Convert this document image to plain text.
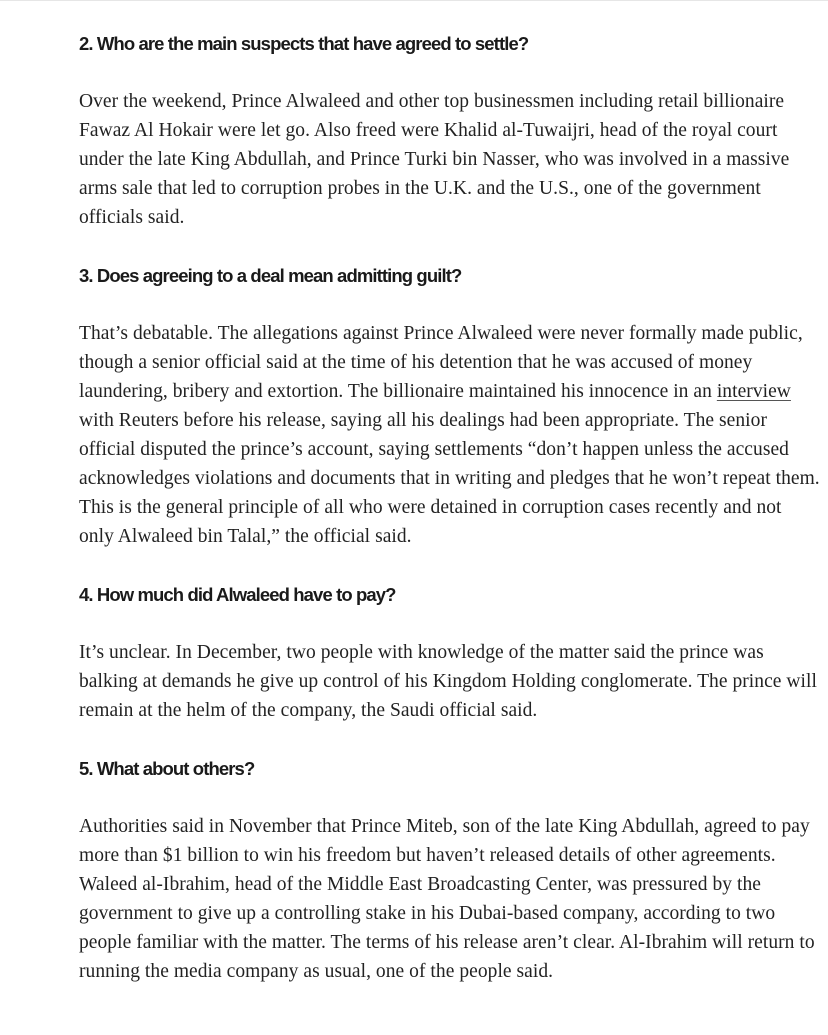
2. Who are the main suspects that have agreed to settle?

Over the weekend, Prince Alwaleed and other top businessmen including retail billionaire Fawaz Al Hokair were let go. Also freed were Khalid al-Tuwaijri, head of the royal court under the late King Abdullah, and Prince Turki bin Nasser, who was involved in a massive arms sale that led to corruption probes in the U.K. and the U.S., one of the government officials said.

3. Does agreeing to a deal mean admitting guilt?

That’s debatable. The allegations against Prince Alwaleed were never formally made public, though a senior official said at the time of his detention that he was accused of money laundering, bribery and extortion. The billionaire maintained his innocence in an interview with Reuters before his release, saying all his dealings had been appropriate. The senior official disputed the prince’s account, saying settlements “don’t happen unless the accused acknowledges violations and documents that in writing and pledges that he won’t repeat them. This is the general principle of all who were detained in corruption cases recently and not only Alwaleed bin Talal,” the official said.

4. How much did Alwaleed have to pay?

It’s unclear. In December, two people with knowledge of the matter said the prince was balking at demands he give up control of his Kingdom Holding conglomerate. The prince will remain at the helm of the company, the Saudi official said.

5. What about others?

Authorities said in November that Prince Miteb, son of the late King Abdullah, agreed to pay more than $1 billion to win his freedom but haven’t released details of other agreements. Waleed al-Ibrahim, head of the Middle East Broadcasting Center, was pressured by the government to give up a controlling stake in his Dubai-based company, according to two people familiar with the matter. The terms of his release aren’t clear. Al-Ibrahim will return to running the media company as usual, one of the people said.
